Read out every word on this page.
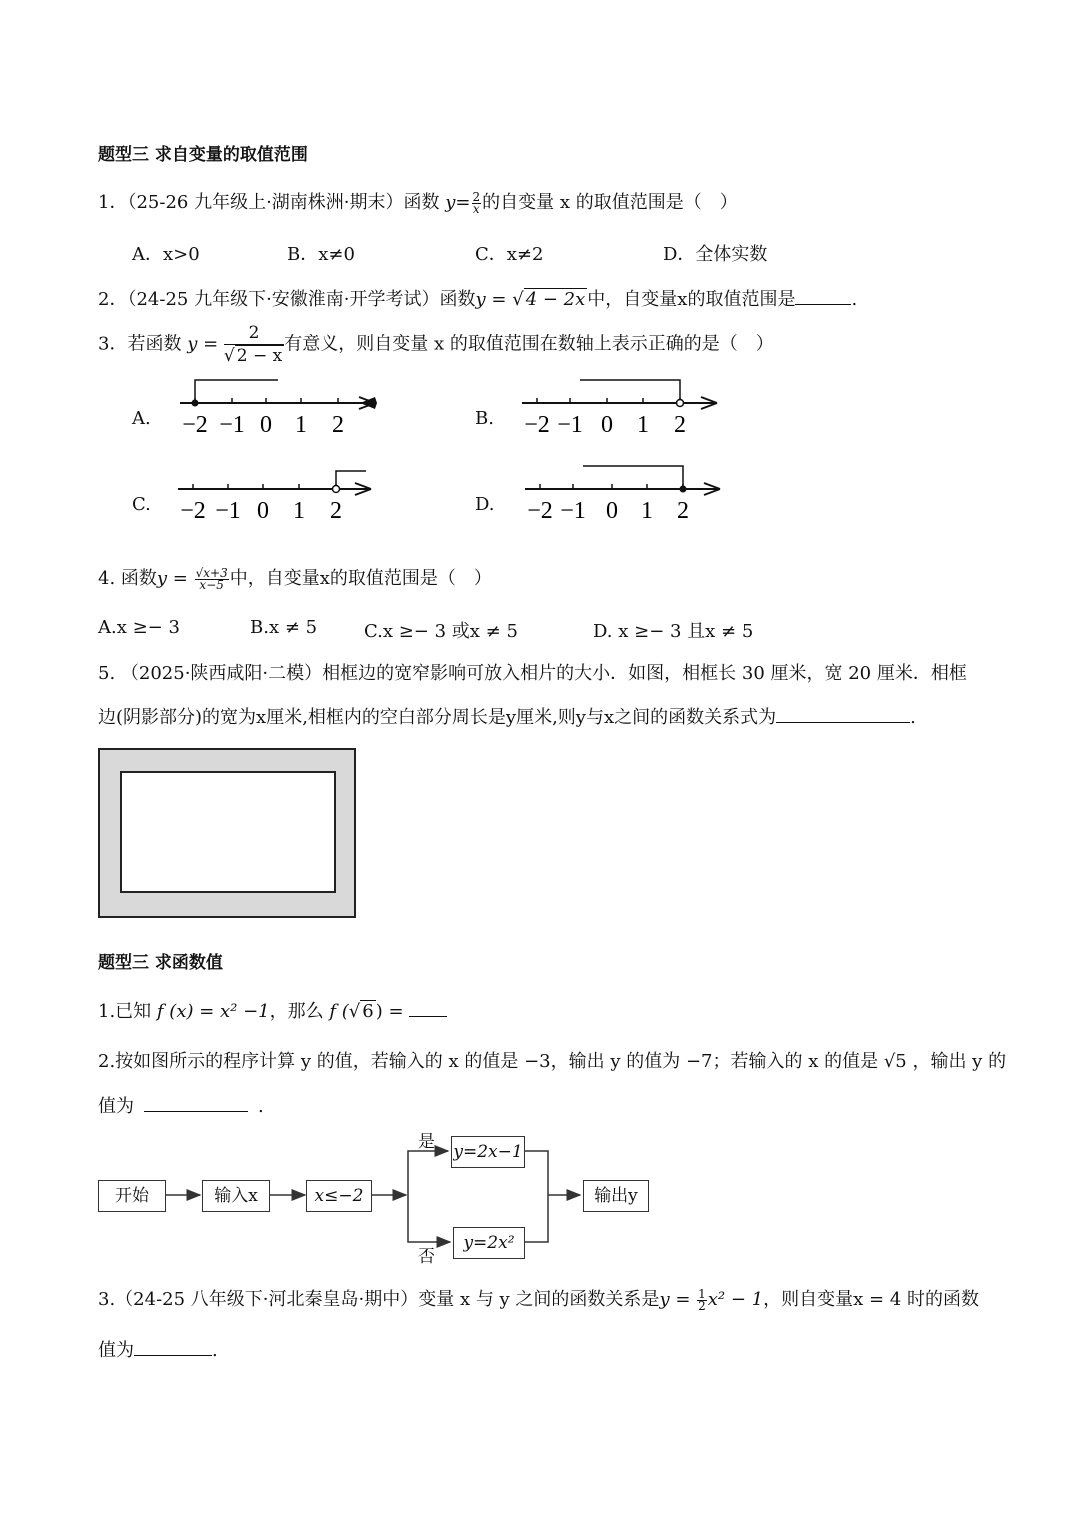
题型三 求自变量的取值范围
1．（25-26 九年级上·湖南株洲·期末）函数 $y= \frac{2}{x}$ 的自变量 x 的取值范围是（　）
A．x>0	B．x≠0	C．x≠2	D．全体实数
2．（24-25 九年级下·安徽淮南·开学考试）函数y = √ 4 − 2x 中，自变量x的取值范围是	.
3．若函数 $y = \frac{2}{√ 2 - x}$ 有意义，则自变量 x 的取值范围在数轴上表示正确的是（　）
A.	B.
C.	D.
−2 −1 0 1 2	−2 −1 0 1 2
−2 −1 0 1 2	−2 −1 0 1 2
4. 函数$y = \frac{√x+3}{x-5}$ 中，自变量x的取值范围是（　）
A.x ≥− 3	B.x ≠ 5	C.x ≥− 3 或x ≠ 5	D. x ≥− 3 且x ≠ 5
5. （2025·陕西咸阳·二模）相框边的宽窄影响可放入相片的大小．如图，相框长 30 厘米，宽 20 厘米．相框
边(阴影部分)的宽为x厘米,相框内的空白部分周长是y厘米,则y与x之间的函数关系式为	.
题型三 求函数值
1.已知 f (x) = x² −1，那么 f (√ 6 ) =
2.按如图所示的程序计算 y 的值，若输入的 x 的值是 −3，输出 y 的值为 −7；若输入的 x 的值是 √5 ，输出 y 的
值为	.
开始	输入x	x≤−2
是
否
y=2x−1
y=2x²
输出y
3.（24-25 八年级下·河北秦皇岛·期中）变量 x 与 y 之间的函数关系是$y = \frac{1}{2} x^2 - 1$，则自变量x = 4 时的函数
值为	.
